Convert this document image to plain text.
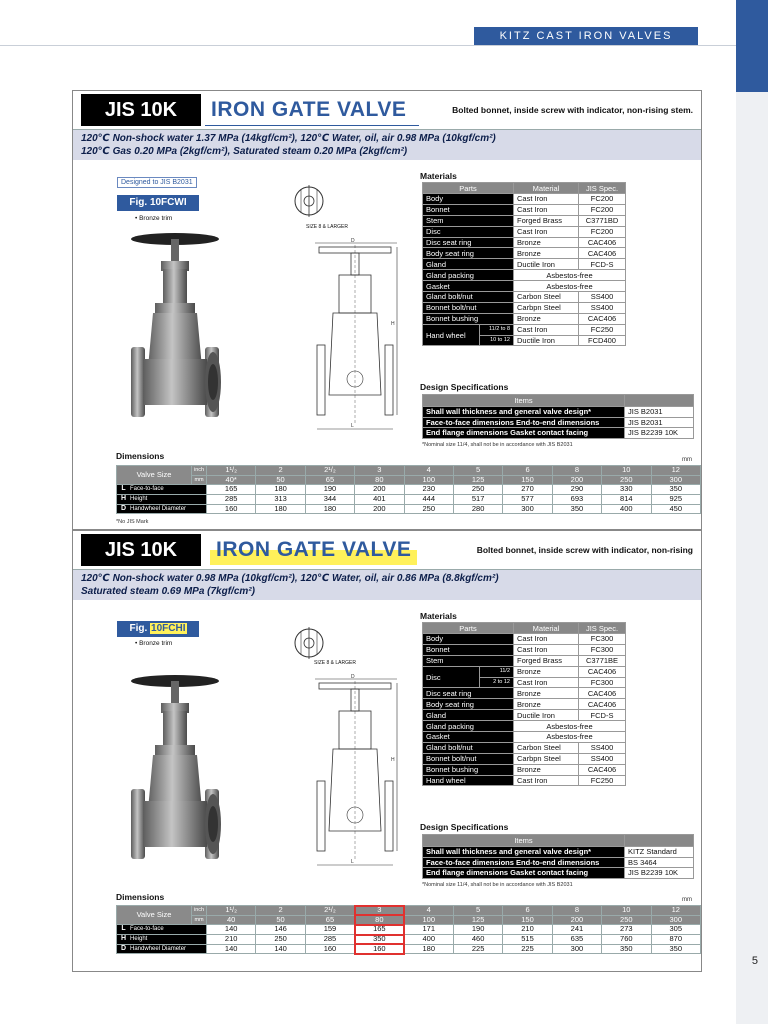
KITZ CAST IRON VALVES
5
JIS 10K	IRON GATE VALVE	Bolted bonnet, inside screw with indicator, non-rising stem.
120℃ Non-shock water 1.37 MPa (14kgf/cm²), 120℃ Water, oil, air 0.98 MPa (10kgf/cm²)
120℃ Gas 0.20 MPa (2kgf/cm²), Saturated steam 0.20 MPa (2kgf/cm²)
Designed to JIS B2031
Fig. 10FCWI
• Bronze trim
SIZE 8 & LARGER
D
L
H
Materials
Parts		Material	JIS Spec.
Body		Cast Iron	FC200
Bonnet		Cast Iron	FC200
Stem		Forged Brass	C3771BD
Disc		Cast Iron	FC200
Disc seat ring		Bronze	CAC406
Body seat ring		Bronze	CAC406
Gland		Ductile Iron	FCD-S
Gland packing		Asbestos-free	
Gasket		Asbestos-free	
Gland bolt/nut		Carbon Steel	SS400
Bonnet bolt/nut		Carbpn Steel	SS400
Bonnet bushing		Bronze	CAC406
Hand wheel	11/2 to 8	Cast Iron	FC250
	10 to 12	Ductile Iron	FCD400
Design Specifications
Items	
Shall wall thickness and general valve design*	JIS B2031
Face-to-face dimensions End-to-end dimensions	JIS B2031
End flange dimensions Gasket contact facing	JIS B2239 10K
*Nominal size 11/4, shall not be in accordance with JIS B2031
mm
Dimensions
Valve Size	inch	1¹/₂	2	2¹/₂	3	4	5	6	8	10	12
	mm	40*	50	65	80	100	125	150	200	250	300
L Face-to-face		165	180	190	200	230	250	270	290	330	350
H Height		285	313	344	401	444	517	577	693	814	925
D Handwheel Diameter		160	180	180	200	250	280	300	350	400	450
*No JIS Mark
JIS 10K	IRON GATE VALVE	Bolted bonnet, inside screw with indicator, non-rising
120℃ Non-shock water 0.98 MPa (10kgf/cm²), 120℃ Water, oil, air 0.86 MPa (8.8kgf/cm²)
Saturated steam 0.69 MPa (7kgf/cm²)
Fig. 10FCHI
• Bronze trim
SIZE 8 & LARGER
D
L
H
Materials
Parts		Material	JIS Spec.
Body		Cast Iron	FC300
Bonnet		Cast Iron	FC300
Stem		Forged Brass	C3771BE
Disc	11/2	Bronze	CAC406
	2 to 12	Cast Iron	FC300
Disc seat ring		Bronze	CAC406
Body seat ring		Bronze	CAC406
Gland		Ductile Iron	FCD-S
Gland packing		Asbestos-free	
Gasket		Asbestos-free	
Gland bolt/nut		Carbon Steel	SS400
Bonnet bolt/nut		Carbpn Steel	SS400
Bonnet bushing		Bronze	CAC406
Hand wheel		Cast Iron	FC250
Design Specifications
Items	
Shall wall thickness and general valve design*	KITZ Standard
Face-to-face dimensions End-to-end dimensions	BS 3464
End flange dimensions Gasket contact facing	JIS B2239 10K
*Nominal size 11/4, shall not be in accordance with JIS B2031
mm
Dimensions
Valve Size	inch	1¹/₂	2	2¹/₂	3	4	5	6	8	10	12
	mm	40	50	65	80	100	125	150	200	250	300
L Face-to-face		140	146	159	165	171	190	210	241	273	305
H Height		210	250	285	350	400	460	515	635	760	870
D Handwheel Diameter		140	140	160	160	180	225	225	300	350	350
